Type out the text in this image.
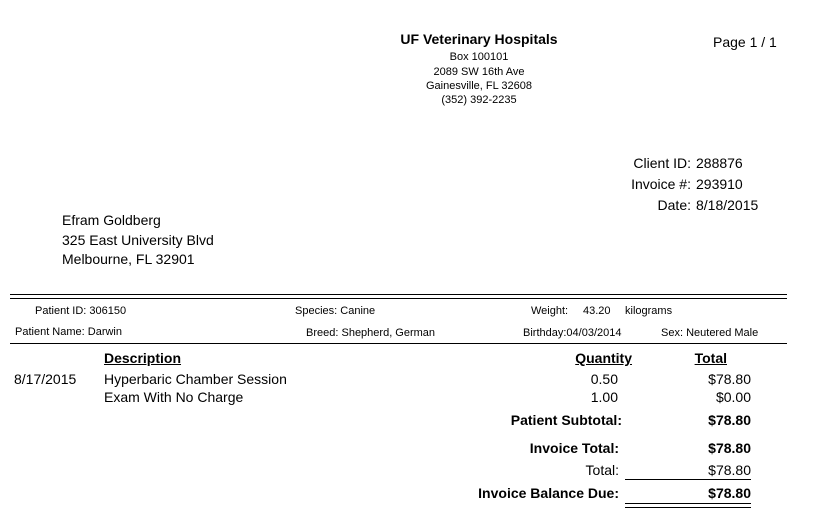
UF Veterinary Hospitals
Box 100101
2089 SW 16th Ave
Gainesville, FL 32608
(352) 392-2235
Page 1 / 1
Client ID: 288876
Invoice #: 293910
Date: 8/18/2015
Efram Goldberg
325 East University Blvd
Melbourne, FL 32901
Patient ID: 306150	Species: Canine	Weight: 43.20 kilograms
Patient Name: Darwin	Breed: Shepherd, German	Birthday:04/03/2014	Sex: Neutered Male
Description	Quantity	Total
8/17/2015 Hyperbaric Chamber Session	0.50	$78.80
Exam With No Charge	1.00	$0.00
Patient Subtotal:	$78.80
Invoice Total:	$78.80
Total:	$78.80
Invoice Balance Due:	$78.80
